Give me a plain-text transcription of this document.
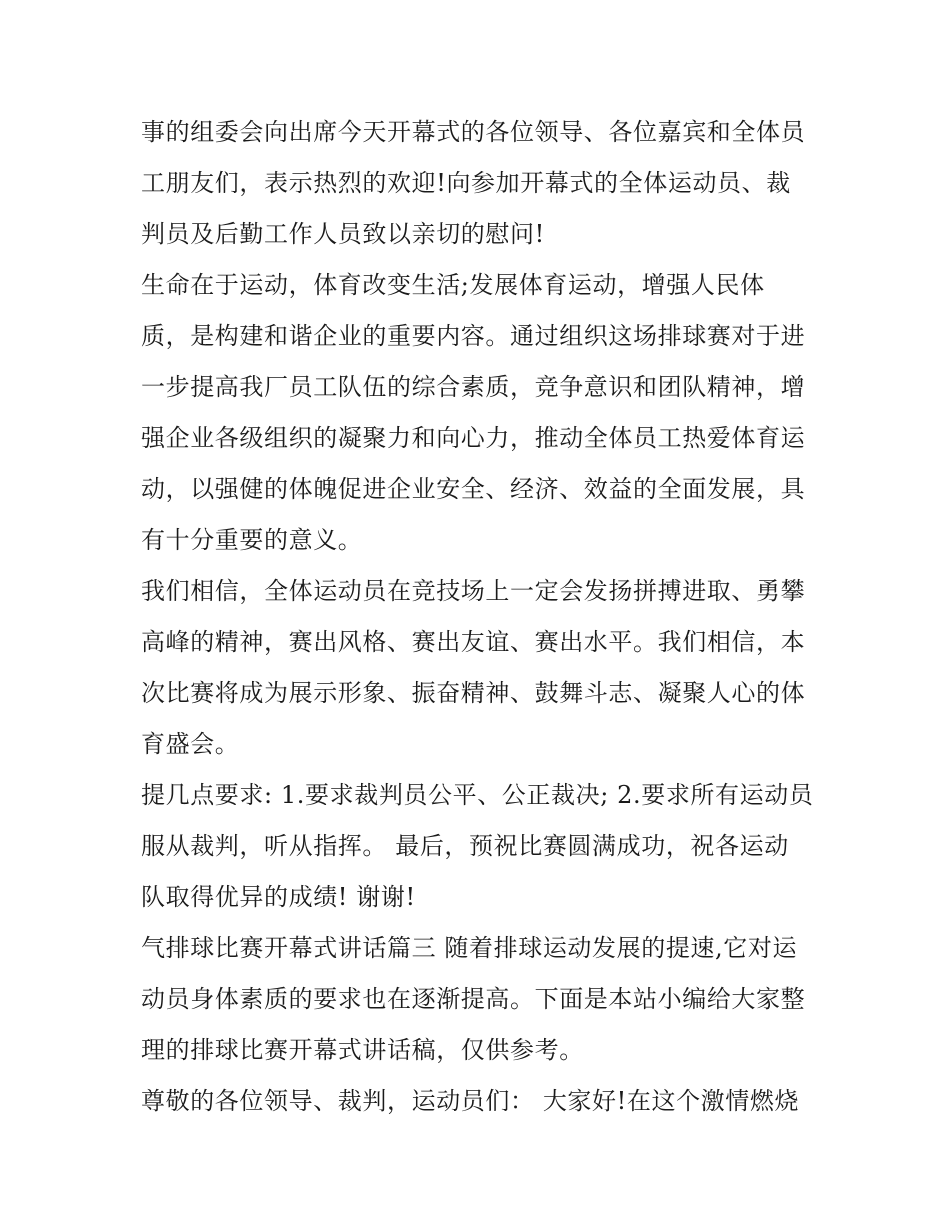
事的组委会向出席今天开幕式的各位领导、各位嘉宾和全体员
工朋友们，表示热烈的欢迎!向参加开幕式的全体运动员、裁
判员及后勤工作人员致以亲切的慰问!
生命在于运动，体育改变生活;发展体育运动，增强人民体
质，是构建和谐企业的重要内容。通过组织这场排球赛对于进
一步提高我厂员工队伍的综合素质，竞争意识和团队精神，增
强企业各级组织的凝聚力和向心力，推动全体员工热爱体育运
动，以强健的体魄促进企业安全、经济、效益的全面发展，具
有十分重要的意义。
我们相信，全体运动员在竞技场上一定会发扬拼搏进取、勇攀
高峰的精神，赛出风格、赛出友谊、赛出水平。我们相信，本
次比赛将成为展示形象、振奋精神、鼓舞斗志、凝聚人心的体
育盛会。
提几点要求: 1.要求裁判员公平、公正裁决; 2.要求所有运动员
服从裁判，听从指挥。 最后，预祝比赛圆满成功，祝各运动
队取得优异的成绩! 谢谢!
气排球比赛开幕式讲话篇三 随着排球运动发展的提速,它对运
动员身体素质的要求也在逐渐提高。下面是本站小编给大家整
理的排球比赛开幕式讲话稿，仅供参考。
尊敬的各位领导、裁判，运动员们： 大家好!在这个激情燃烧
